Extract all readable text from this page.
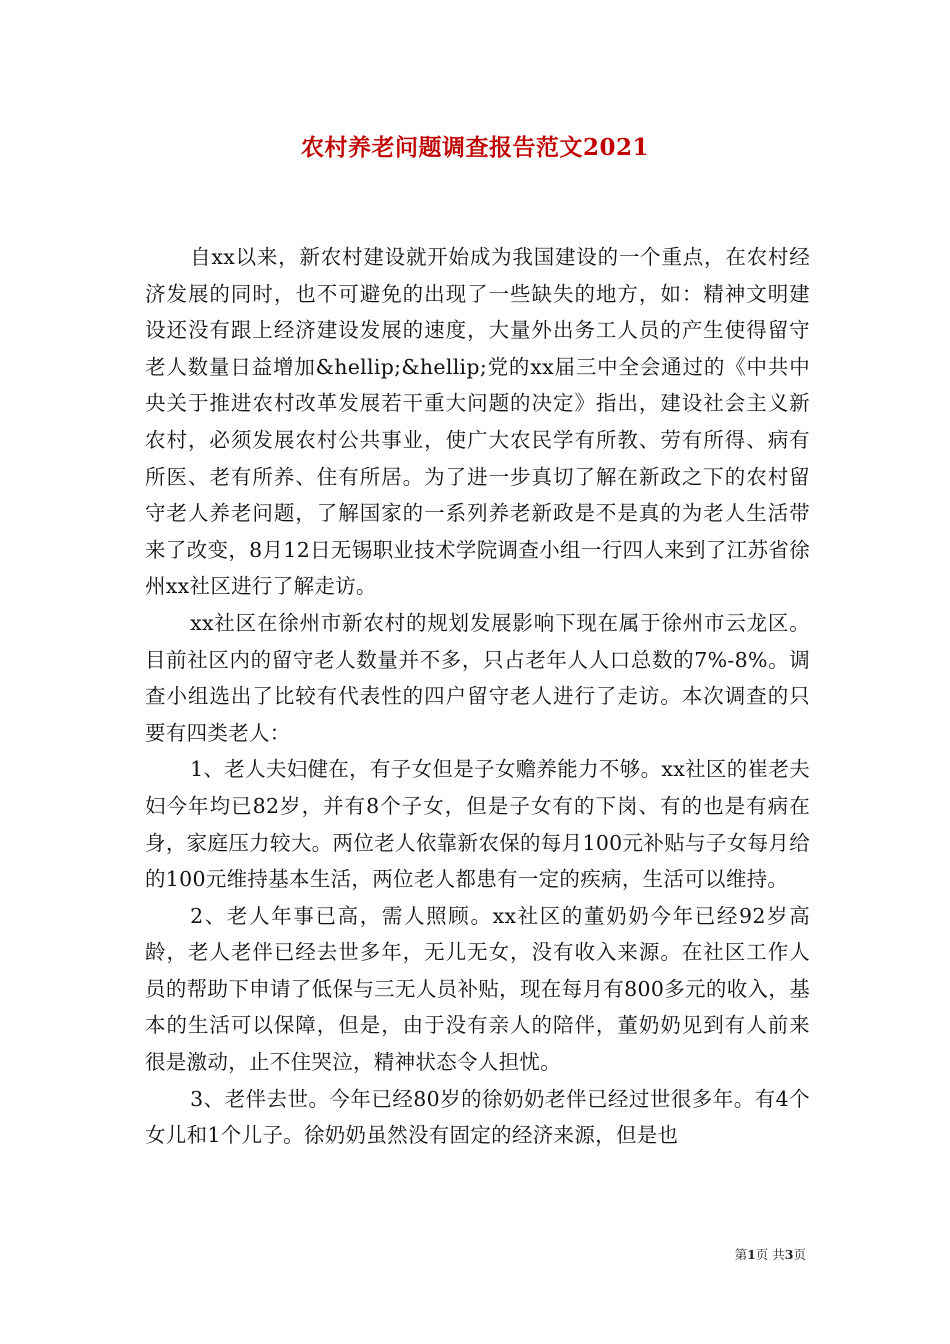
农村养老问题调查报告范文2021

自xx以来，新农村建设就开始成为我国建设的一个重点，在农村经济发展的同时，也不可避免的出现了一些缺失的地方，如：精神文明建设还没有跟上经济建设发展的速度，大量外出务工人员的产生使得留守老人数量日益增加&hellip;&hellip;党的xx届三中全会通过的《中共中央关于推进农村改革发展若干重大问题的决定》指出，建设社会主义新农村，必须发展农村公共事业，使广大农民学有所教、劳有所得、病有所医、老有所养、住有所居。为了进一步真切了解在新政之下的农村留守老人养老问题，了解国家的一系列养老新政是不是真的为老人生活带来了改变，8月12日无锡职业技术学院调查小组一行四人来到了江苏省徐州xx社区进行了解走访。

xx社区在徐州市新农村的规划发展影响下现在属于徐州市云龙区。目前社区内的留守老人数量并不多，只占老年人人口总数的7%-8%。调查小组选出了比较有代表性的四户留守老人进行了走访。本次调查的只要有四类老人：

1、老人夫妇健在，有子女但是子女赡养能力不够。xx社区的崔老夫妇今年均已82岁，并有8个子女，但是子女有的下岗、有的也是有病在身，家庭压力较大。两位老人依靠新农保的每月100元补贴与子女每月给的100元维持基本生活，两位老人都患有一定的疾病，生活可以维持。

2、老人年事已高，需人照顾。xx社区的董奶奶今年已经92岁高龄，老人老伴已经去世多年，无儿无女，没有收入来源。在社区工作人员的帮助下申请了低保与三无人员补贴，现在每月有800多元的收入，基本的生活可以保障，但是，由于没有亲人的陪伴，董奶奶见到有人前来很是激动，止不住哭泣，精神状态令人担忧。

3、老伴去世。今年已经80岁的徐奶奶老伴已经过世很多年。有4个女儿和1个儿子。徐奶奶虽然没有固定的经济来源，但是也

第1页 共3页
